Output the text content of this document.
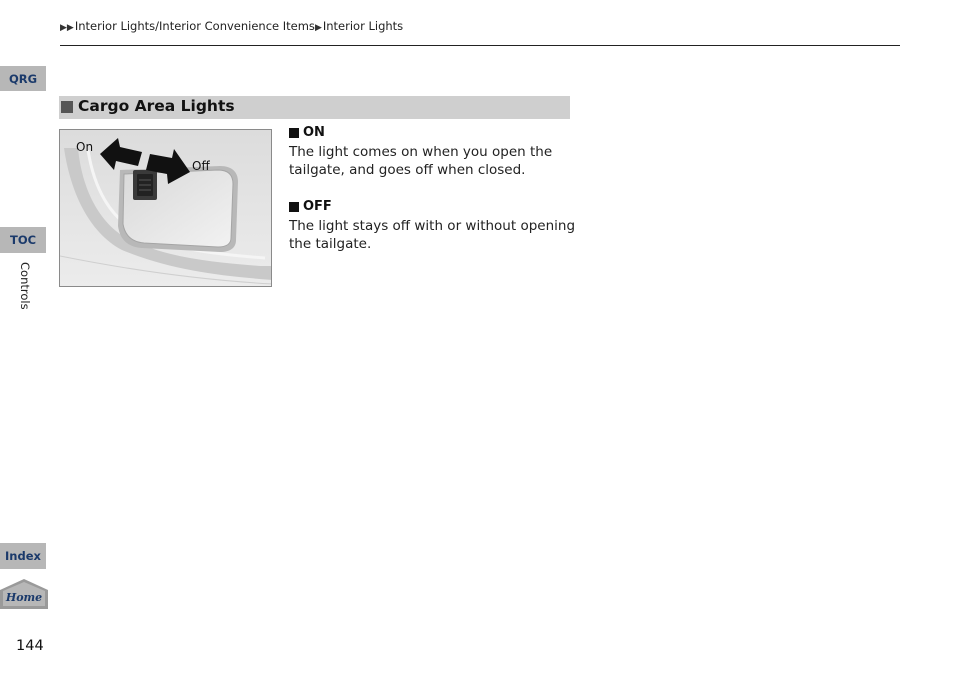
▶▶Interior Lights/Interior Convenience Items▶Interior Lights
QRG
TOC
Controls
Index
Home
144
Cargo Area Lights
On
Off
ON
The light comes on when you open the tailgate, and goes off when closed.
OFF
The light stays off with or without opening the tailgate.
